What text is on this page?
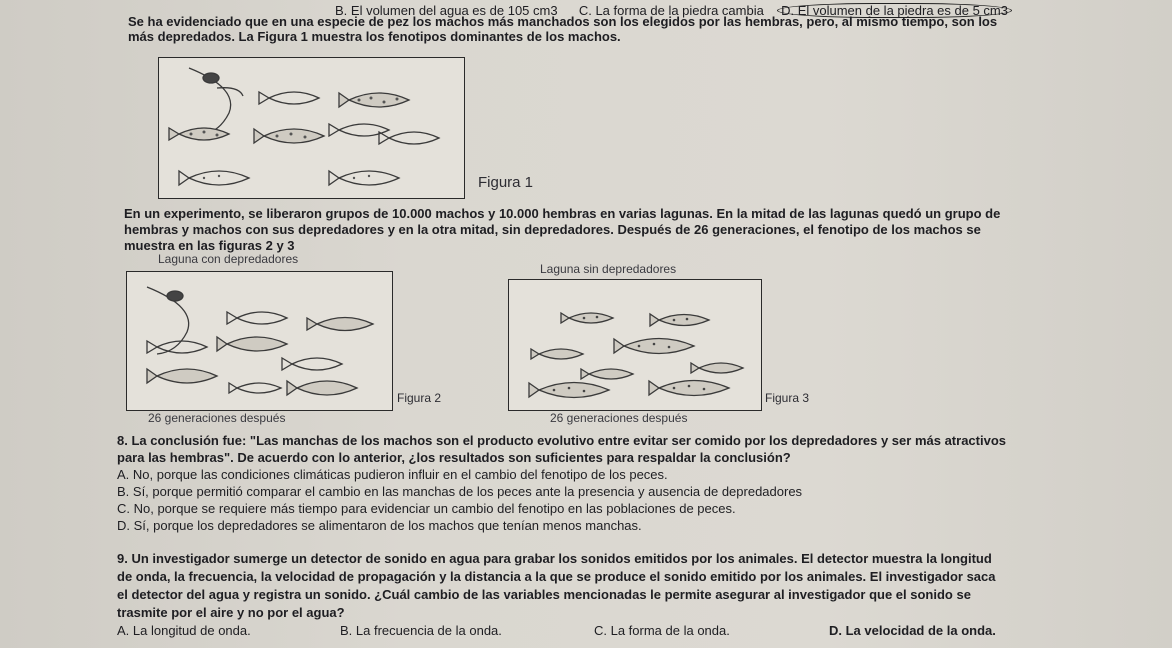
B. El volumen del agua es de 105 cm3 C. La forma de la piedra cambia D. El volumen de la piedra es de 5 cm3
Se ha evidenciado que en una especie de pez los machos más manchados son los elegidos por las hembras, pero, al mismo tiempo, son los
más depredados. La Figura 1 muestra los fenotipos dominantes de los machos.
Figura 1
En un experimento, se liberaron grupos de 10.000 machos y 10.000 hembras en varias lagunas. En la mitad de las lagunas quedó un grupo de
hembras y machos con sus depredadores y en la otra mitad, sin depredadores. Después de 26 generaciones, el fenotipo de los machos se
muestra en las figuras 2 y 3
Laguna con depredadores
Figura 2
26 generaciones después
Laguna sin depredadores
Figura 3
26 generaciones después
8. La conclusión fue: "Las manchas de los machos son el producto evolutivo entre evitar ser comido por los depredadores y ser más atractivos
para las hembras". De acuerdo con lo anterior, ¿los resultados son suficientes para respaldar la conclusión?
A. No, porque las condiciones climáticas pudieron influir en el cambio del fenotipo de los peces.
B. Sí, porque permitió comparar el cambio en las manchas de los peces ante la presencia y ausencia de depredadores
C. No, porque se requiere más tiempo para evidenciar un cambio del fenotipo en las poblaciones de peces.
D. Sí, porque los depredadores se alimentaron de los machos que tenían menos manchas.
9. Un investigador sumerge un detector de sonido en agua para grabar los sonidos emitidos por los animales. El detector muestra la longitud
de onda, la frecuencia, la velocidad de propagación y la distancia a la que se produce el sonido emitido por los animales. El investigador saca
el detector del agua y registra un sonido. ¿Cuál cambio de las variables mencionadas le permite asegurar al investigador que el sonido se
trasmite por el aire y no por el agua?
A. La longitud de onda.	B. La frecuencia de la onda.	C. La forma de la onda.	D. La velocidad de la onda.
